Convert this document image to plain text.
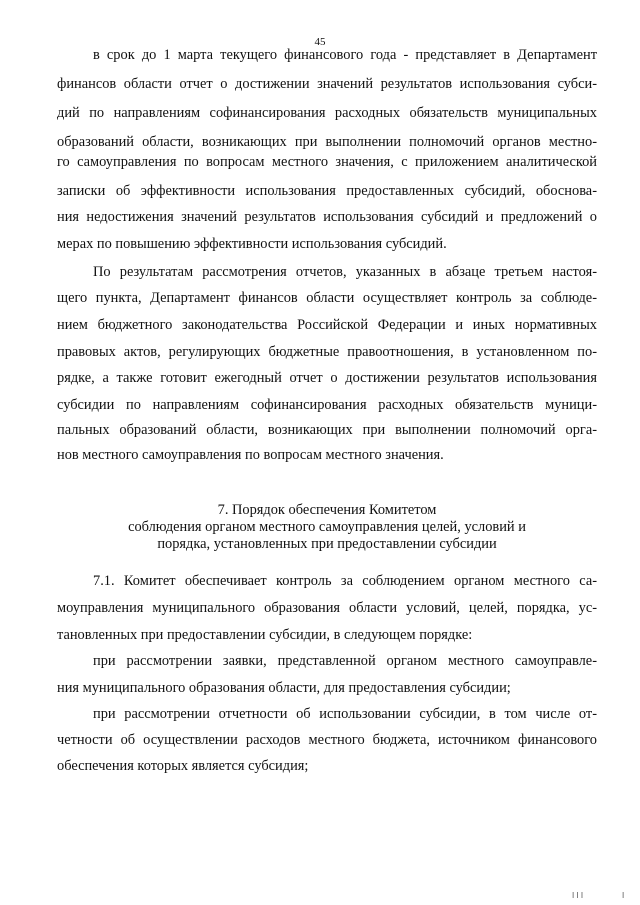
45
в срок до 1 марта текущего финансового года - представляет в Департамент
финансов области отчет о достижении значений результатов использования субси-
дий по направлениям софинансирования расходных обязательств муниципальных
образований области, возникающих при выполнении полномочий органов местно-
го самоуправления по вопросам местного значения, с приложением аналитической
записки об эффективности использования предоставленных субсидий, обоснова-
ния недостижения значений результатов использования субсидий и предложений о
мерах по повышению эффективности использования субсидий.
По результатам рассмотрения отчетов, указанных в абзаце третьем настоя-
щего пункта, Департамент финансов области осуществляет контроль за соблюде-
нием бюджетного законодательства Российской Федерации и иных нормативных
правовых актов, регулирующих бюджетные правоотношения, в установленном по-
рядке, а также готовит ежегодный отчет о достижении результатов использования
субсидии по направлениям софинансирования расходных обязательств муници-
пальных образований области, возникающих при выполнении полномочий орга-
нов местного самоуправления по вопросам местного значения.
7. Порядок обеспечения Комитетом
соблюдения органом местного самоуправления целей, условий и
порядка, установленных при предоставлении субсидии
7.1. Комитет обеспечивает контроль за соблюдением органом местного са-
моуправления муниципального образования области условий, целей, порядка, ус-
тановленных при предоставлении субсидии, в следующем порядке:
при рассмотрении заявки, представленной органом местного самоуправле-
ния муниципального образования области, для предоставления субсидии;
при рассмотрении отчетности об использовании субсидии, в том числе от-
четности об осуществлении расходов местного бюджета, источником финансового
обеспечения которых является субсидия;
I I I	I
